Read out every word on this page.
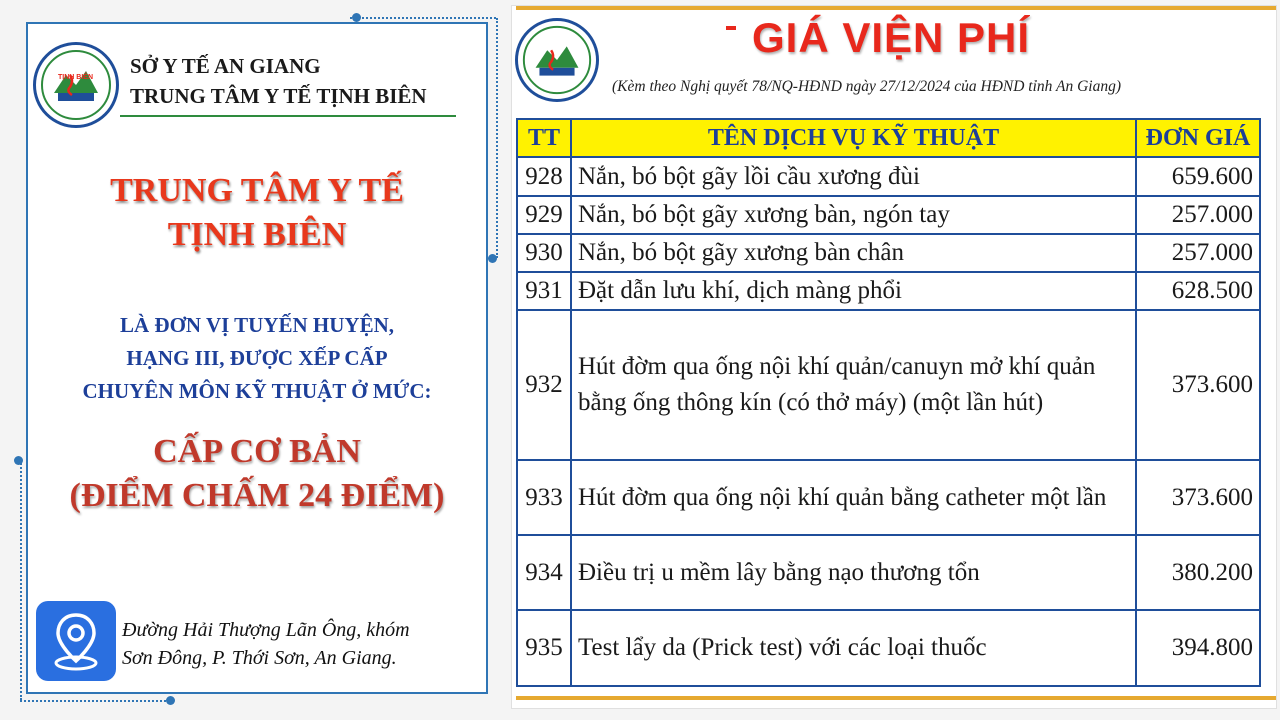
TỊNH BIÊN SỞ Y TẾ AN GIANG
TRUNG TÂM Y TẾ TỊNH BIÊN
TRUNG TÂM Y TẾ
TỊNH BIÊN
LÀ ĐƠN VỊ TUYẾN HUYỆN,
HẠNG III, ĐƯỢC XẾP CẤP
CHUYÊN MÔN KỸ THUẬT Ở MỨC:
CẤP CƠ BẢN
(ĐIỂM CHẤM 24 ĐIỂM)
Đường Hải Thượng Lãn Ông, khóm
Sơn Đông, P. Thới Sơn, An Giang.
GIÁ VIỆN PHÍ
(Kèm theo Nghị quyết 78/NQ-HĐND ngày 27/12/2024 của HĐND tỉnh An Giang)
TT	TÊN DỊCH VỤ KỸ THUẬT	ĐƠN GIÁ
928	Nắn, bó bột gãy lồi cầu xương đùi	659.600
929	Nắn, bó bột gãy xương bàn, ngón tay	257.000
930	Nắn, bó bột gãy xương bàn chân	257.000
931	Đặt dẫn lưu khí, dịch màng phổi	628.500
932	Hút đờm qua ống nội khí quản/canuyn mở khí quản bằng ống thông kín (có thở máy) (một lần hút)	373.600
933	Hút đờm qua ống nội khí quản bằng catheter một lần	373.600
934	Điều trị u mềm lây bằng nạo thương tổn	380.200
935	Test lẩy da (Prick test) với các loại thuốc	394.800
